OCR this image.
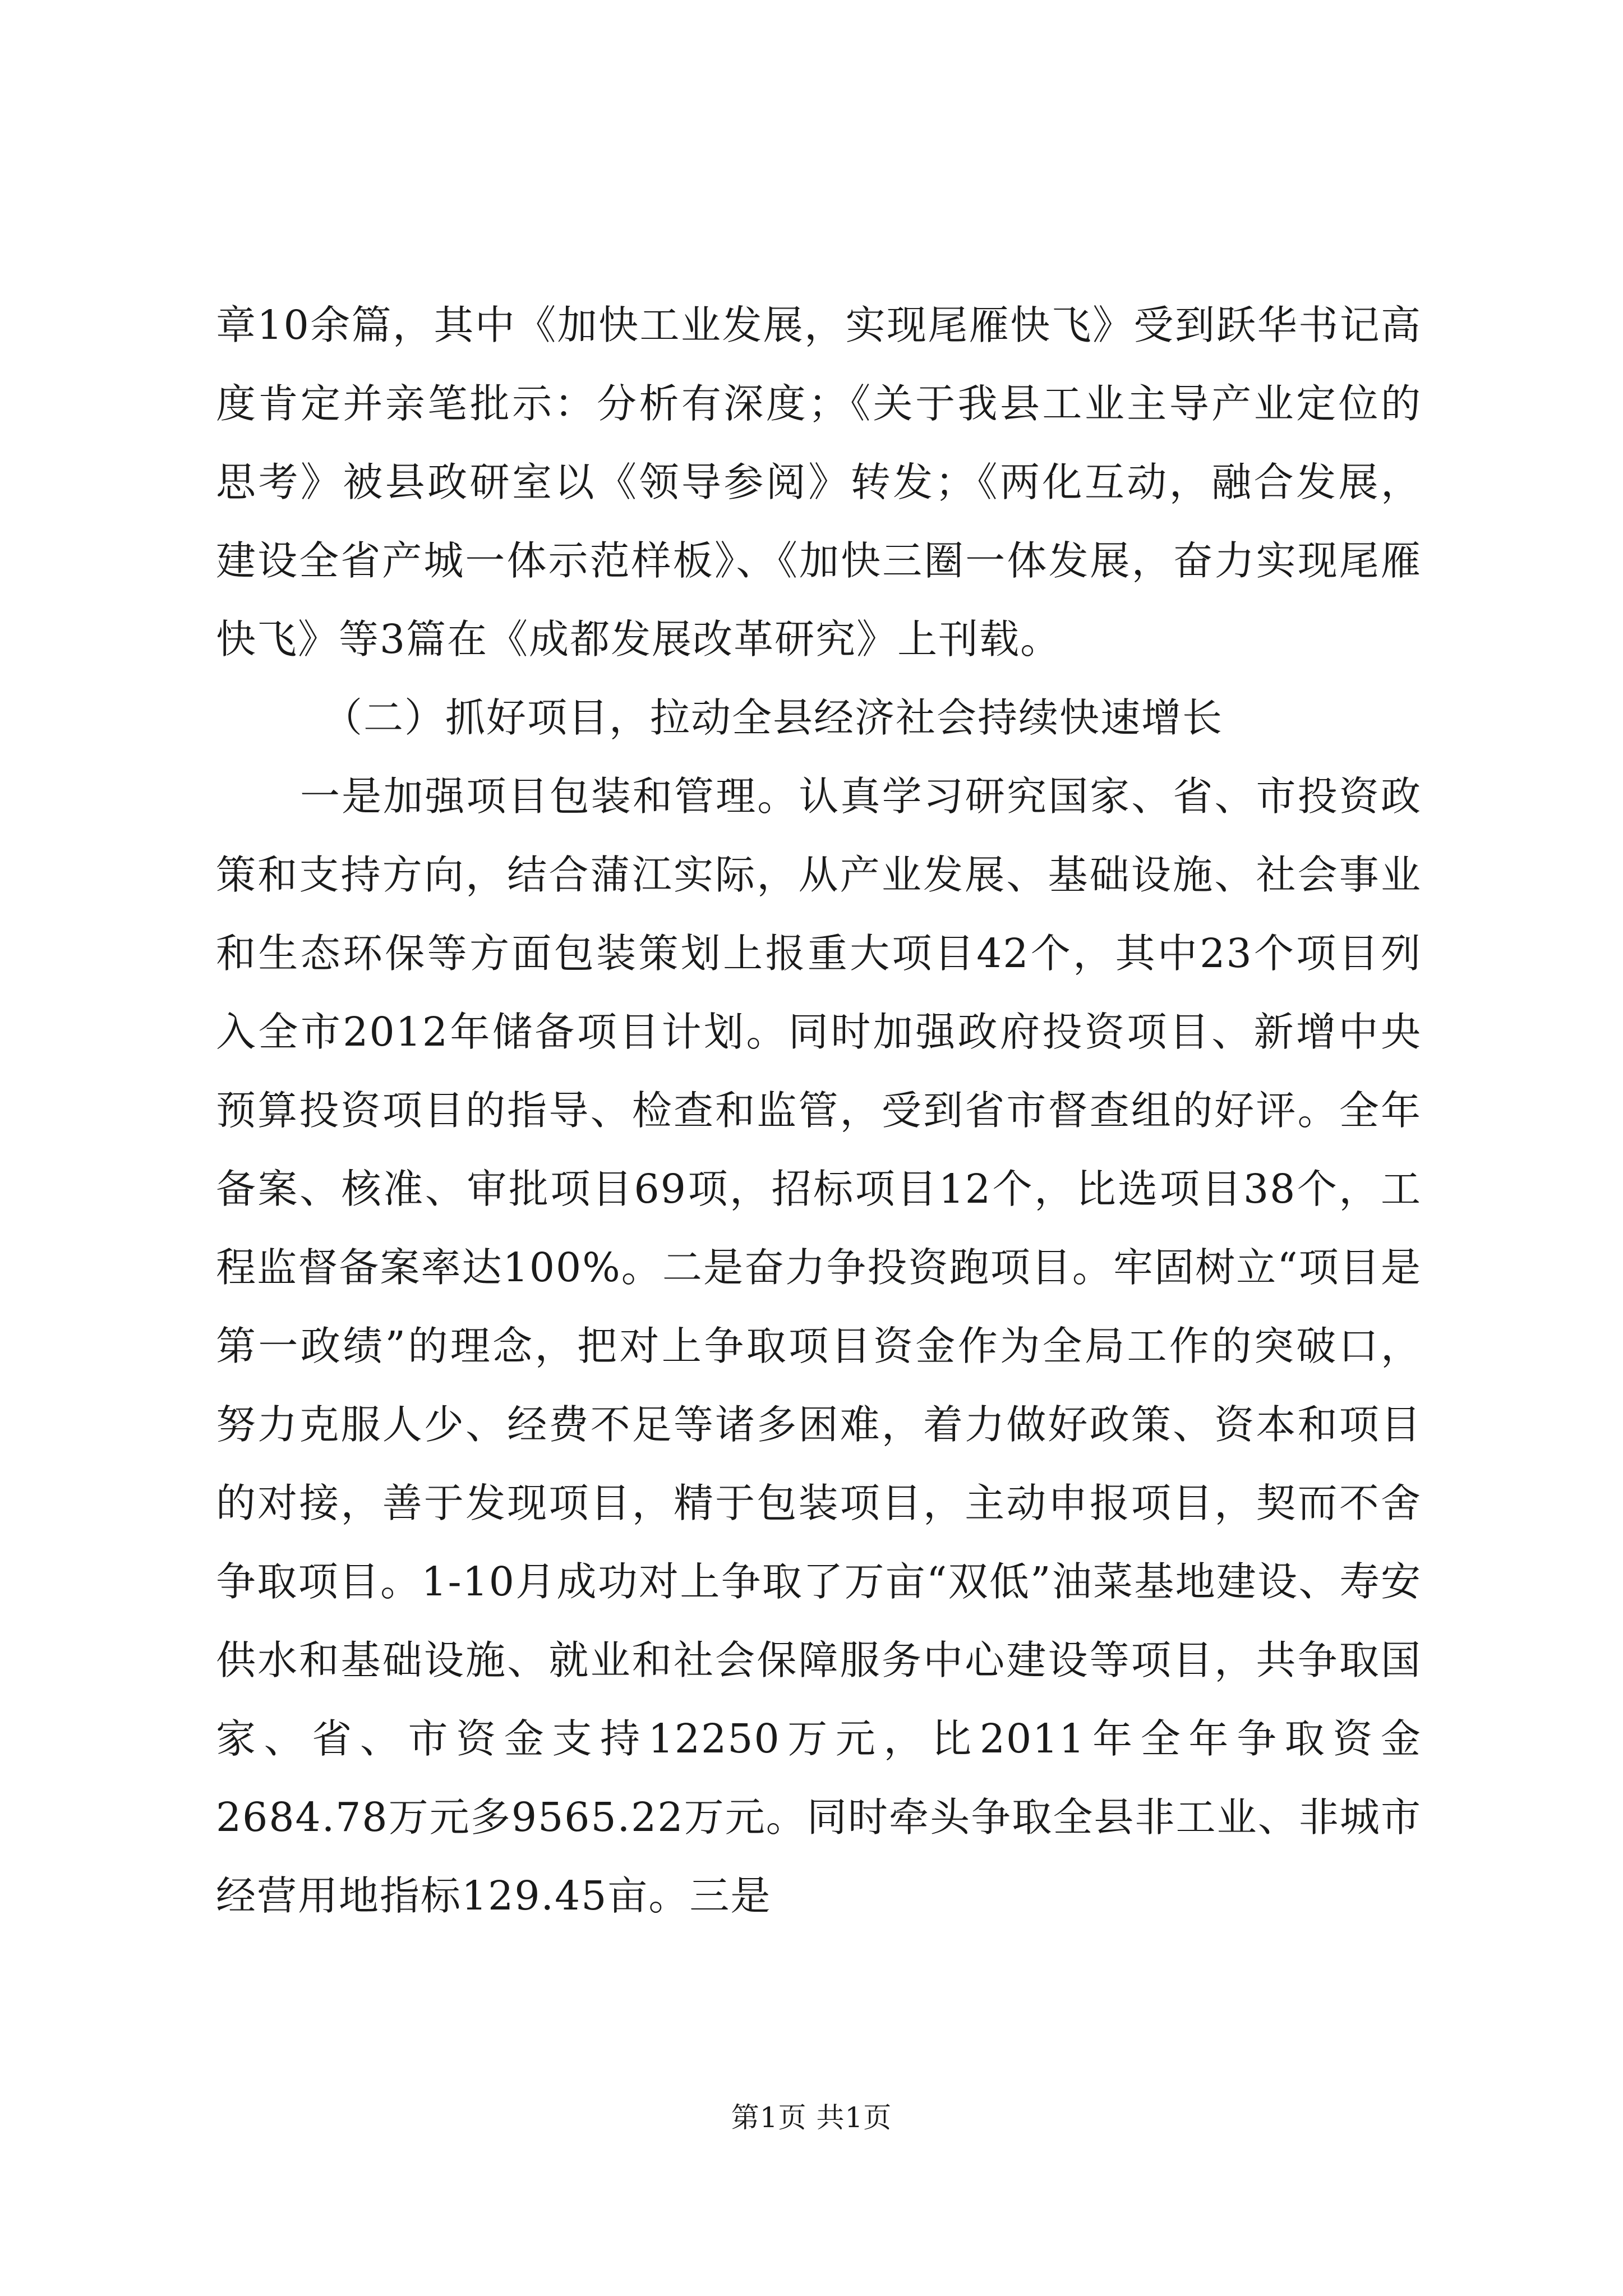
章10余篇，其中《加快工业发展，实现尾雁快飞》受到跃华书记高度肯定并亲笔批示：分析有深度；《关于我县工业主导产业定位的思考》被县政研室以《领导参阅》转发；《两化互动，融合发展，建设全省产城一体示范样板》、《加快三圈一体发展，奋力实现尾雁快飞》等3篇在《成都发展改革研究》上刊载。

（二）抓好项目，拉动全县经济社会持续快速增长

一是加强项目包装和管理。认真学习研究国家、省、市投资政策和支持方向，结合蒲江实际，从产业发展、基础设施、社会事业和生态环保等方面包装策划上报重大项目42个，其中23个项目列入全市2012年储备项目计划。同时加强政府投资项目、新增中央预算投资项目的指导、检查和监管，受到省市督查组的好评。全年备案、核准、审批项目69项，招标项目12个，比选项目38个，工程监督备案率达100%。二是奋力争投资跑项目。牢固树立“项目是第一政绩”的理念，把对上争取项目资金作为全局工作的突破口，努力克服人少、经费不足等诸多困难，着力做好政策、资本和项目的对接，善于发现项目，精于包装项目，主动申报项目，契而不舍争取项目。1-10月成功对上争取了万亩“双低”油菜基地建设、寿安供水和基础设施、就业和社会保障服务中心建设等项目，共争取国家、省、市资金支持12250万元，比2011年全年争取资金2684.78万元多9565.22万元。同时牵头争取全县非工业、非城市经营用地指标129.45亩。三是

第1页 共1页
